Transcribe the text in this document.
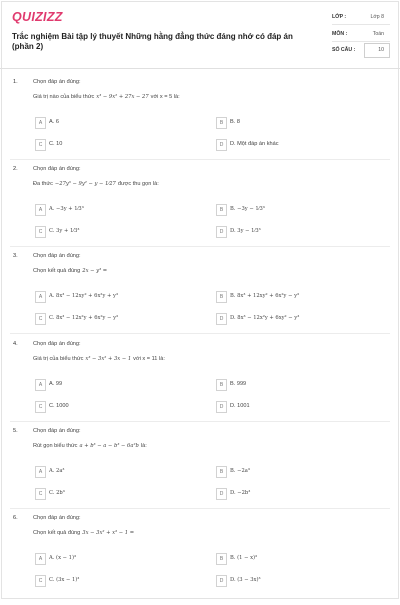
QUIZIZZ
Trắc nghiệm Bài tập lý thuyết Những hằng đẳng thức đáng nhớ có đáp án (phần 2)
LỚP :	Lớp 8
MÔN :	Toán
SỐ CÂU :	10
1.	Chọn đáp án đúng:
Giá trị nào của biểu thức x³ − 9x² + 27x − 27 với x = 5 là:
A	A. 6	B	B. 8
C	C. 10	D	D. Một đáp án khác
2.	Chọn đáp án đúng:
Đa thức −27y³ − 9y² − y − 1⁄27 được thu gọn là:
A	A. −3y + 1⁄3³	B	B. −3y − 1⁄3³
C	C. 3y + 1⁄3³	D	D. 3y − 1⁄3³
3.	Chọn đáp án đúng:
Chọn kết quả đúng 2x − y³ =
A	A. 8x³ − 12xy² + 6x²y + y³	B	B. 8x³ + 12xy² + 6x²y − y³
C	C. 8x³ − 12x²y + 6x²y − y³	D	D. 8x³ − 12x²y + 6xy² − y³
4.	Chọn đáp án đúng:
Giá trị của biểu thức x³ − 3x² + 3x − 1 với x = 11 là:
A	A. 99	B	B. 999
C	C. 1000	D	D. 1001
5.	Chọn đáp án đúng:
Rút gọn biểu thức a + b³ − a − b³ − 6a²b là:
A	A. 2a³	B	B. −2a³
C	C. 2b³	D	D. −2b³
6.	Chọn đáp án đúng:
Chọn kết quả đúng 3x − 3x² + x³ − 1 =
A	A. (x − 1)³	B	B. (1 − x)³
C	C. (3x − 1)³	D	D. (3 − 3x)³
